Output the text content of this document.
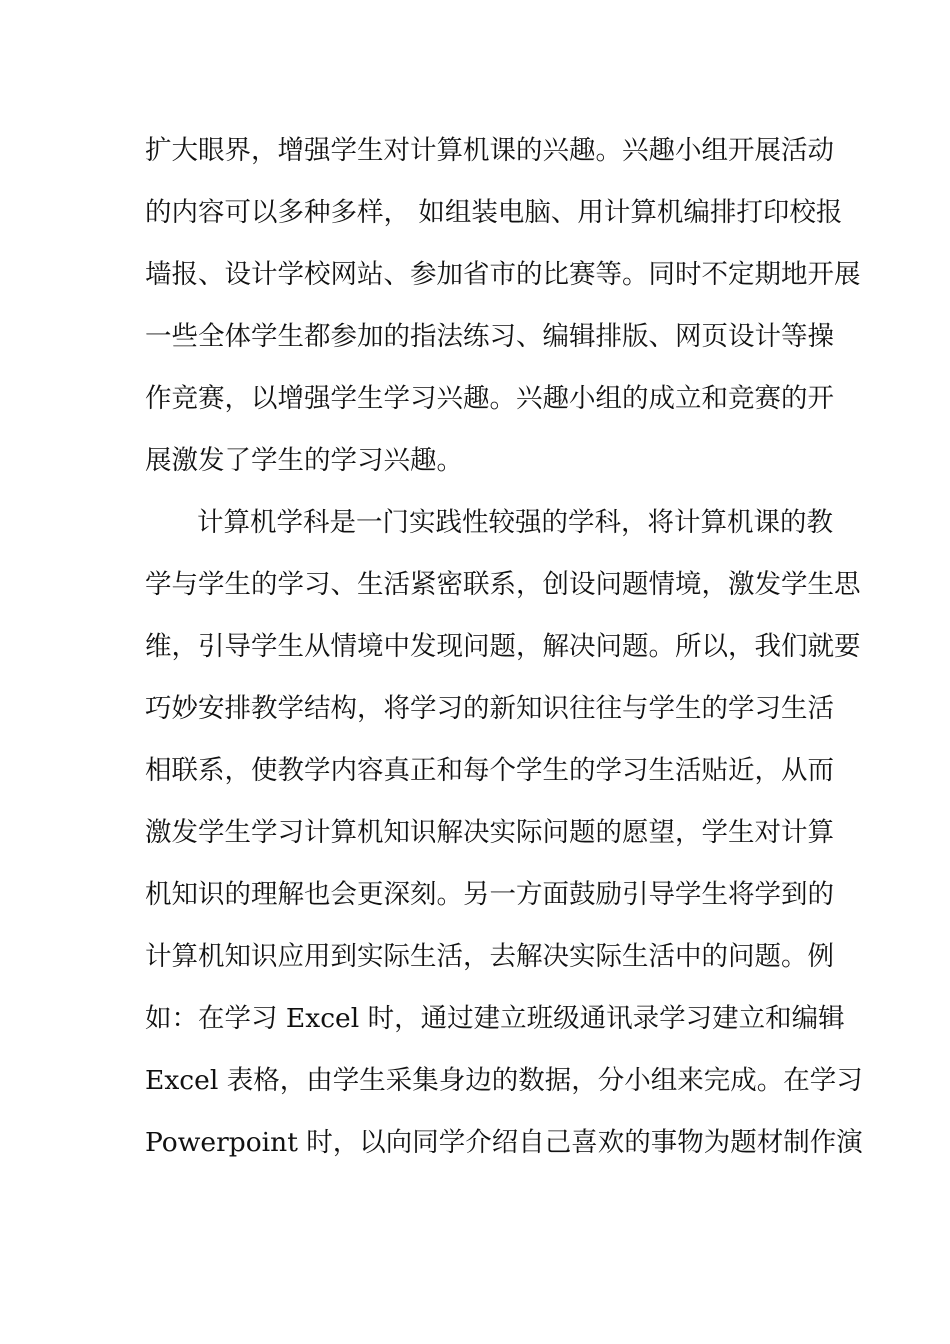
扩大眼界，增强学生对计算机课的兴趣。兴趣小组开展活动
的内容可以多种多样， 如组装电脑、用计算机编排打印校报
墙报、设计学校网站、参加省市的比赛等。同时不定期地开展
一些全体学生都参加的指法练习、编辑排版、网页设计等操
作竞赛，以增强学生学习兴趣。兴趣小组的成立和竞赛的开
展激发了学生的学习兴趣。
计算机学科是一门实践性较强的学科，将计算机课的教
学与学生的学习、生活紧密联系，创设问题情境，激发学生思
维，引导学生从情境中发现问题，解决问题。所以，我们就要
巧妙安排教学结构，将学习的新知识往往与学生的学习生活
相联系，使教学内容真正和每个学生的学习生活贴近，从而
激发学生学习计算机知识解决实际问题的愿望，学生对计算
机知识的理解也会更深刻。另一方面鼓励引导学生将学到的
计算机知识应用到实际生活，去解决实际生活中的问题。例
如：在学习 Excel 时，通过建立班级通讯录学习建立和编辑
Excel 表格，由学生采集身边的数据，分小组来完成。在学习
Powerpoint 时，以向同学介绍自己喜欢的事物为题材制作演
